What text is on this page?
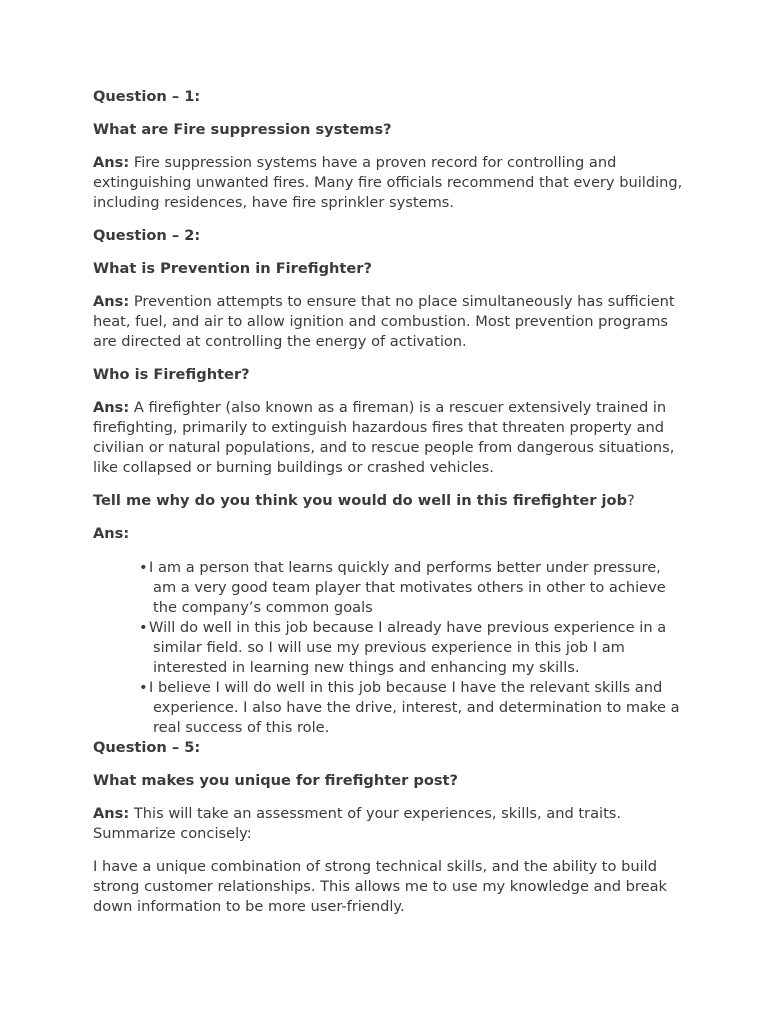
Question – 1:

What are Fire suppression systems?

Ans: Fire suppression systems have a proven record for controlling and extinguishing unwanted fires. Many fire officials recommend that every building, including residences, have fire sprinkler systems.

Question – 2:

What is Prevention in Firefighter?

Ans: Prevention attempts to ensure that no place simultaneously has sufficient heat, fuel, and air to allow ignition and combustion. Most prevention programs are directed at controlling the energy of activation.

Who is Firefighter?

Ans: A firefighter (also known as a fireman) is a rescuer extensively trained in firefighting, primarily to extinguish hazardous fires that threaten property and civilian or natural populations, and to rescue people from dangerous situations, like collapsed or burning buildings or crashed vehicles.

Tell me why do you think you would do well in this firefighter job?

Ans:

•I am a person that learns quickly and performs better under pressure, am a very good team player that motivates others in other to achieve the company’s common goals
•Will do well in this job because I already have previous experience in a similar field. so I will use my previous experience in this job I am interested in learning new things and enhancing my skills.
•I believe I will do well in this job because I have the relevant skills and experience. I also have the drive, interest, and determination to make a real success of this role.

Question – 5:

What makes you unique for firefighter post?

Ans: This will take an assessment of your experiences, skills, and traits. Summarize concisely:

I have a unique combination of strong technical skills, and the ability to build strong customer relationships. This allows me to use my knowledge and break down information to be more user-friendly.
